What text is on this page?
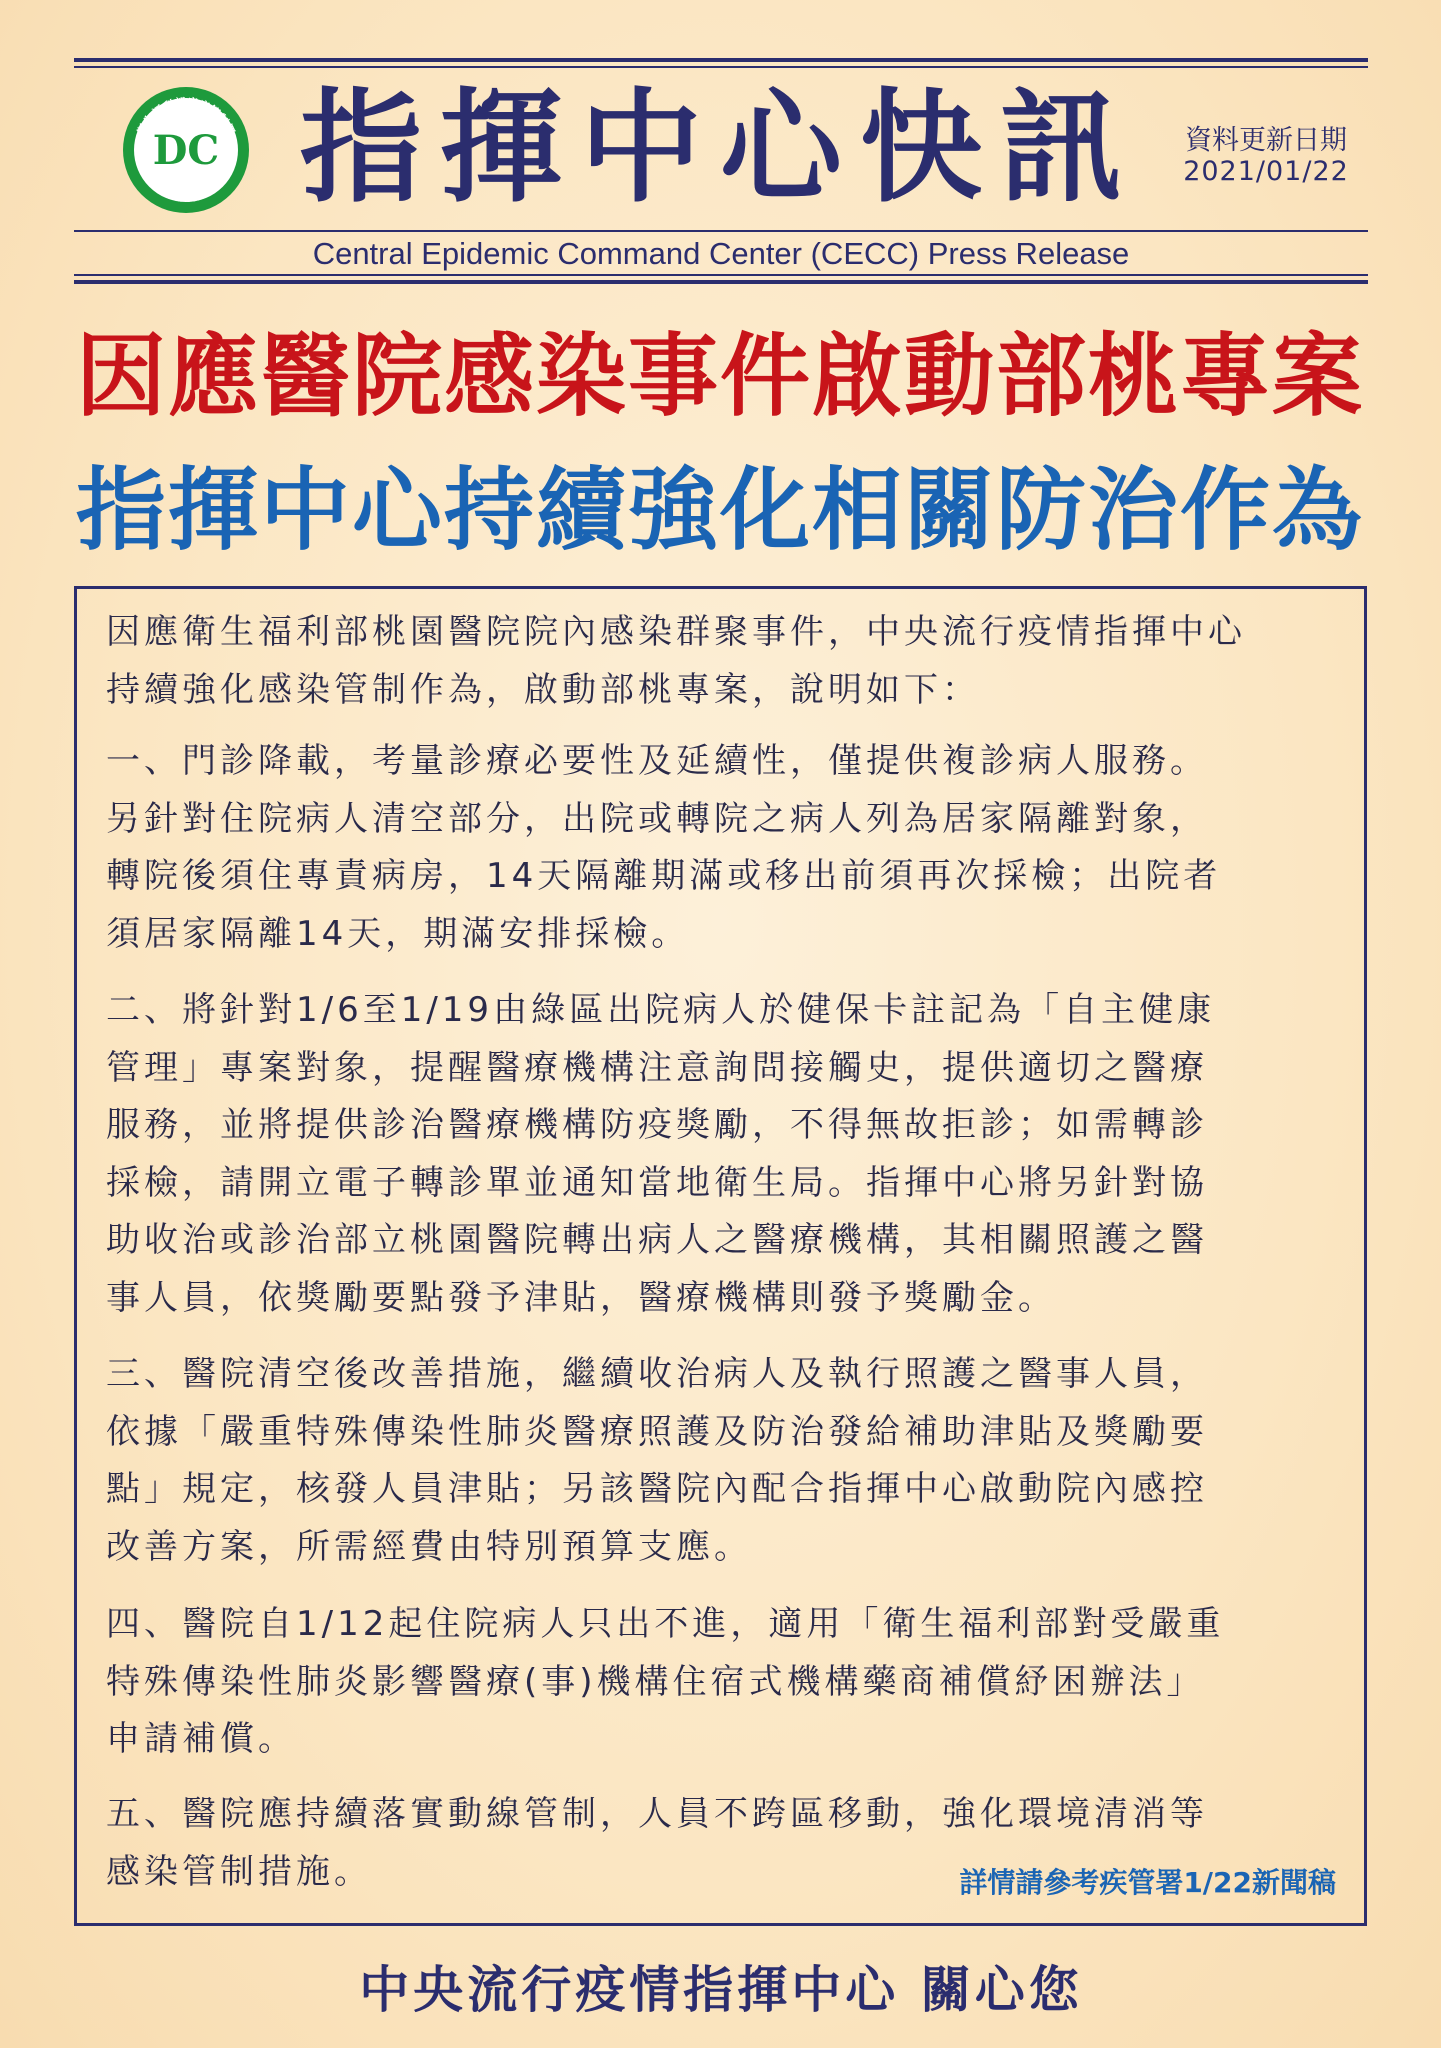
衛生福利部疾病管制署
Centers for Disease Control
DC 指揮中心快訊	資料更新日期
2021/01/22
Central Epidemic Command Center (CECC) Press Release
因應醫院感染事件啟動部桃專案
指揮中心持續強化相關防治作為
因應衛生福利部桃園醫院院內感染群聚事件，中央流行疫情指揮中心
持續強化感染管制作為，啟動部桃專案，說明如下：
一、門診降載，考量診療必要性及延續性，僅提供複診病人服務。
另針對住院病人清空部分，出院或轉院之病人列為居家隔離對象，
轉院後須住專責病房，14天隔離期滿或移出前須再次採檢；出院者
須居家隔離14天，期滿安排採檢。
二、將針對1/6至1/19由綠區出院病人於健保卡註記為「自主健康
管理」專案對象，提醒醫療機構注意詢問接觸史，提供適切之醫療
服務，並將提供診治醫療機構防疫獎勵，不得無故拒診；如需轉診
採檢，請開立電子轉診單並通知當地衛生局。指揮中心將另針對協
助收治或診治部立桃園醫院轉出病人之醫療機構，其相關照護之醫
事人員，依獎勵要點發予津貼，醫療機構則發予獎勵金。
三、醫院清空後改善措施，繼續收治病人及執行照護之醫事人員，
依據「嚴重特殊傳染性肺炎醫療照護及防治發給補助津貼及獎勵要
點」規定，核發人員津貼；另該醫院內配合指揮中心啟動院內感控
改善方案，所需經費由特別預算支應。
四、醫院自1/12起住院病人只出不進，適用「衛生福利部對受嚴重
特殊傳染性肺炎影響醫療(事)機構住宿式機構藥商補償紓困辦法」
申請補償。
五、醫院應持續落實動線管制，人員不跨區移動，強化環境清消等
感染管制措施。	詳情請參考疾管署1/22新聞稿
中央流行疫情指揮中心 關心您
